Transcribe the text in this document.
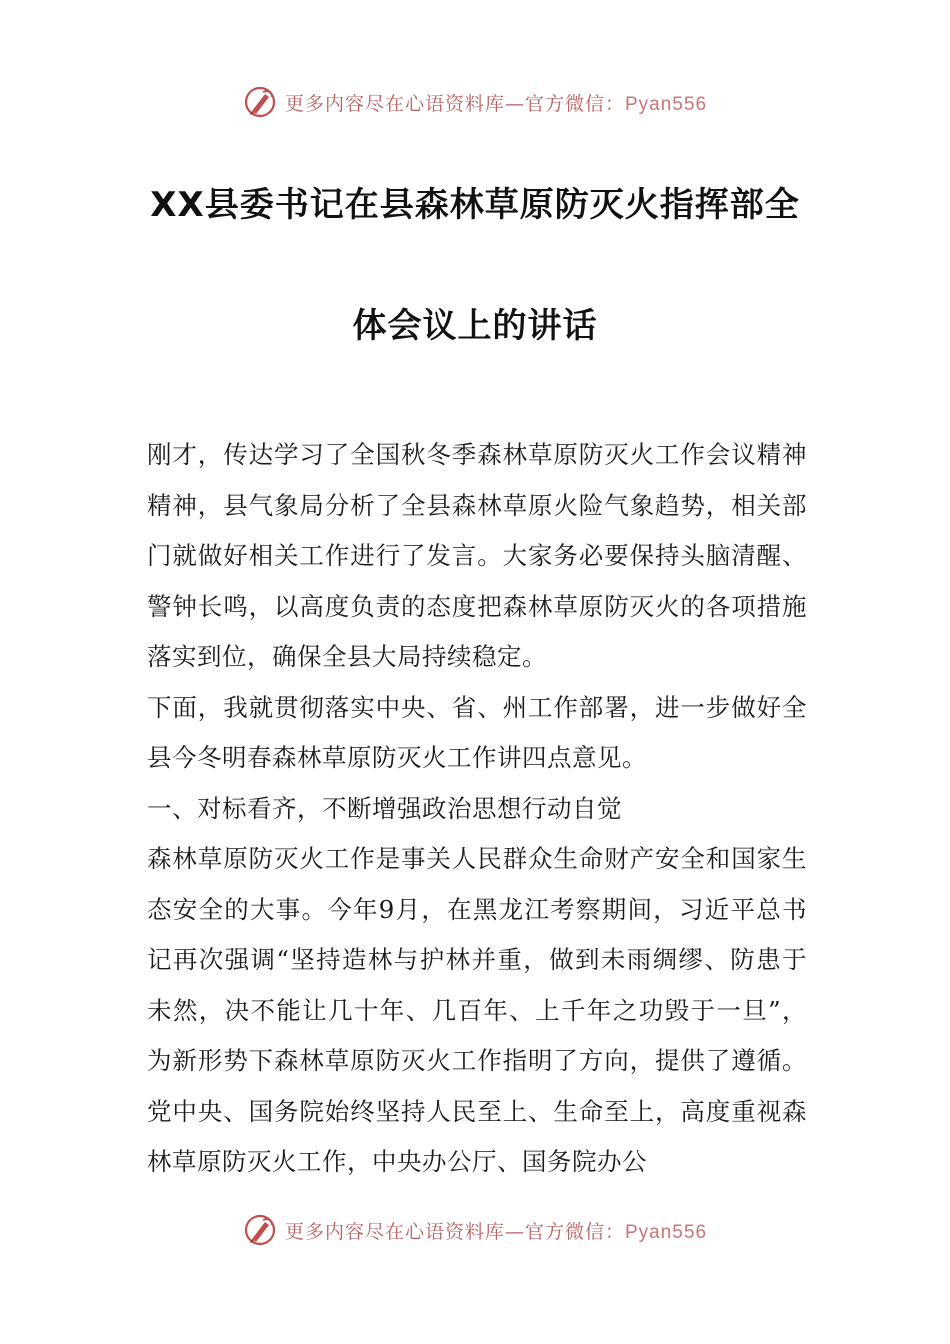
更多内容尽在心语资料库—官方微信：Pyan556
XX县委书记在县森林草原防灭火指挥部全
体会议上的讲话

刚才，传达学习了全国秋冬季森林草原防灭火工作会议精神精神，县气象局分析了全县森林草原火险气象趋势，相关部门就做好相关工作进行了发言。大家务必要保持头脑清醒、警钟长鸣，以高度负责的态度把森林草原防灭火的各项措施落实到位，确保全县大局持续稳定。

下面，我就贯彻落实中央、省、州工作部署，进一步做好全县今冬明春森林草原防灭火工作讲四点意见。

一、对标看齐，不断增强政治思想行动自觉

森林草原防灭火工作是事关人民群众生命财产安全和国家生态安全的大事。今年9月，在黑龙江考察期间，习近平总书记再次强调“坚持造林与护林并重，做到未雨绸缪、防患于未然，决不能让几十年、几百年、上千年之功毁于一旦”，为新形势下森林草原防灭火工作指明了方向，提供了遵循。党中央、国务院始终坚持人民至上、生命至上，高度重视森林草原防灭火工作，中央办公厅、国务院办公

更多内容尽在心语资料库—官方微信：Pyan556
